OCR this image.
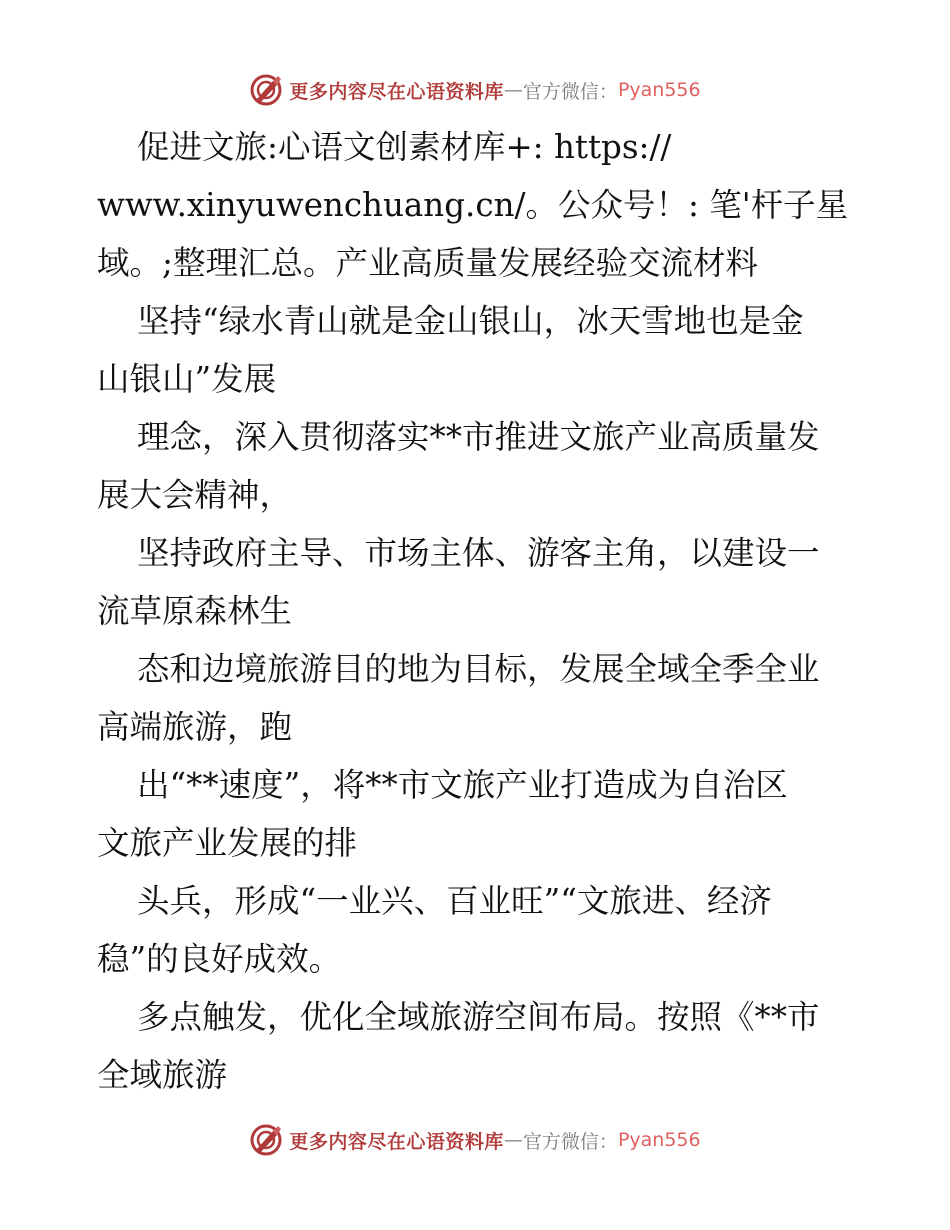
更多内容尽在心语资料库 — 官方微信： Pyan556
促进文旅:心语文创素材库+: https://
www.xinyuwenchuang.cn/。公众号！: 笔'杆子星
域。;整理汇总。产业高质量发展经验交流材料
坚持“绿水青山就是金山银山，冰天雪地也是金
山银山”发展
理念，深入贯彻落实**市推进文旅产业高质量发
展大会精神，
坚持政府主导、市场主体、游客主角，以建设一
流草原森林生
态和边境旅游目的地为目标，发展全域全季全业
高端旅游，跑
出“**速度”，将**市文旅产业打造成为自治区
文旅产业发展的排
头兵，形成“一业兴、百业旺”“文旅进、经济
稳”的良好成效。
多点触发，优化全域旅游空间布局。按照《**市
全域旅游
更多内容尽在心语资料库 — 官方微信： Pyan556
